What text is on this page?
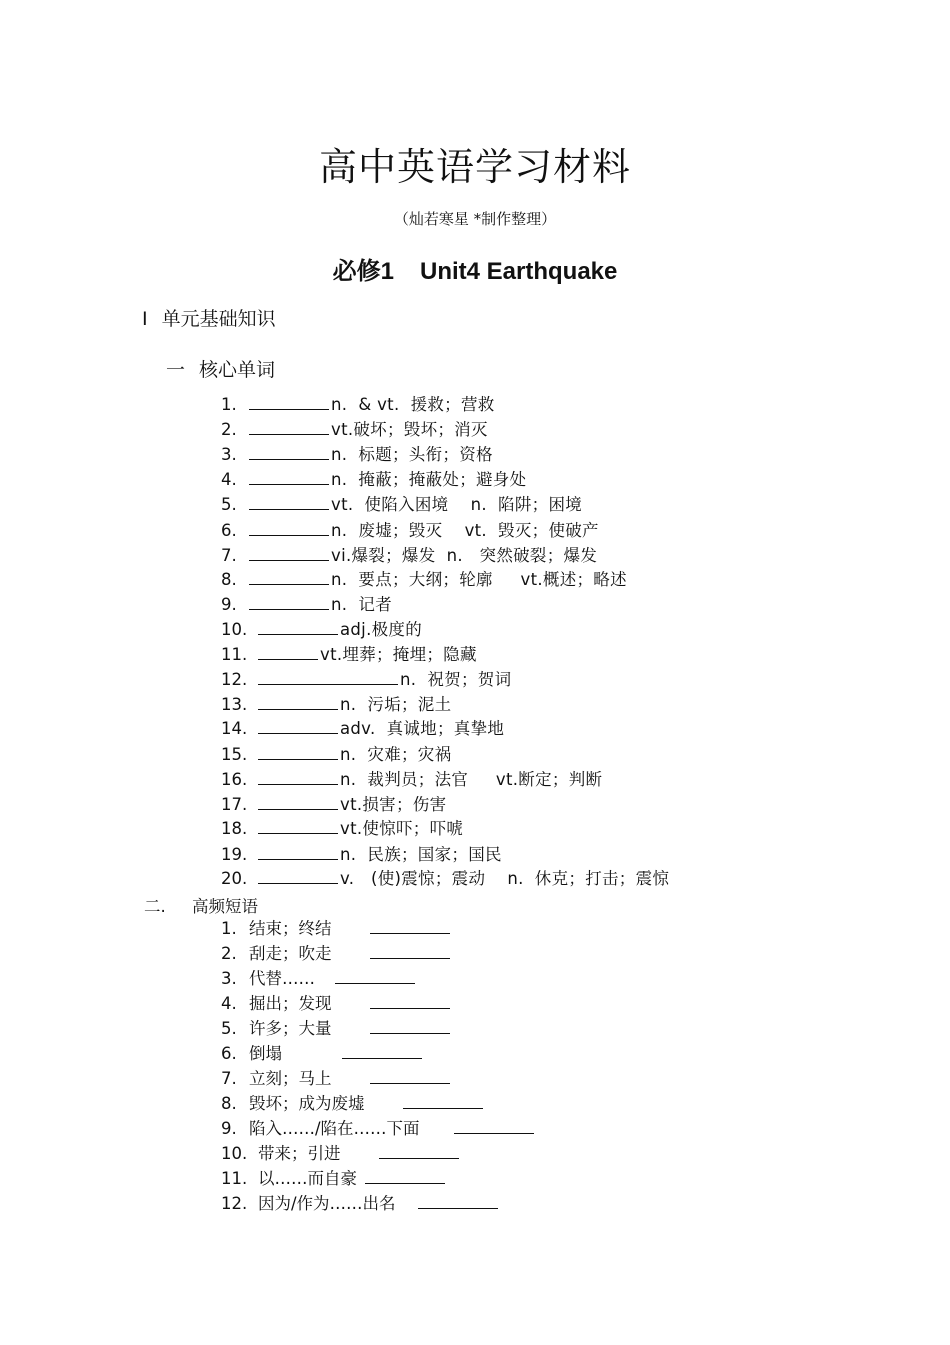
高中英语学习材料
（灿若寒星 *制作整理）
必修1 Unit4 Earthquake
Ⅰ 单元基础知识
一 核心单词
1.	n.  & vt.  援救；营救
2.	vt.破坏；毁坏；消灭
3.	n.  标题；头衔；资格
4.	n.  掩蔽；掩蔽处；避身处
5.	vt.  使陷入困境    n.  陷阱；困境
6.	n.  废墟；毁灭    vt.  毁灭；使破产
7.	vi.爆裂；爆发  n.   突然破裂；爆发
8.	n.  要点；大纲；轮廓     vt.概述；略述
9.	n.  记者
10.	adj.极度的
11.	vt.埋葬；掩埋；隐藏
12.	n.  祝贺；贺词
13.	n.  污垢；泥土
14.	adv.  真诚地；真挚地
15.	n.  灾难；灾祸
16.	n.  裁判员；法官     vt.断定；判断
17.	vt.损害；伤害
18.	vt.使惊吓；吓唬
19.	n.  民族；国家；国民
20.	v.   (使)震惊；震动    n.  休克；打击；震惊
二. 高频短语
1. 结束；终结
2. 刮走；吹走
3. 代替……
4. 掘出；发现
5. 许多；大量
6. 倒塌
7. 立刻；马上
8. 毁坏；成为废墟
9. 陷入……/陷在……下面
10. 带来；引进
11. 以……而自豪
12. 因为/作为……出名
